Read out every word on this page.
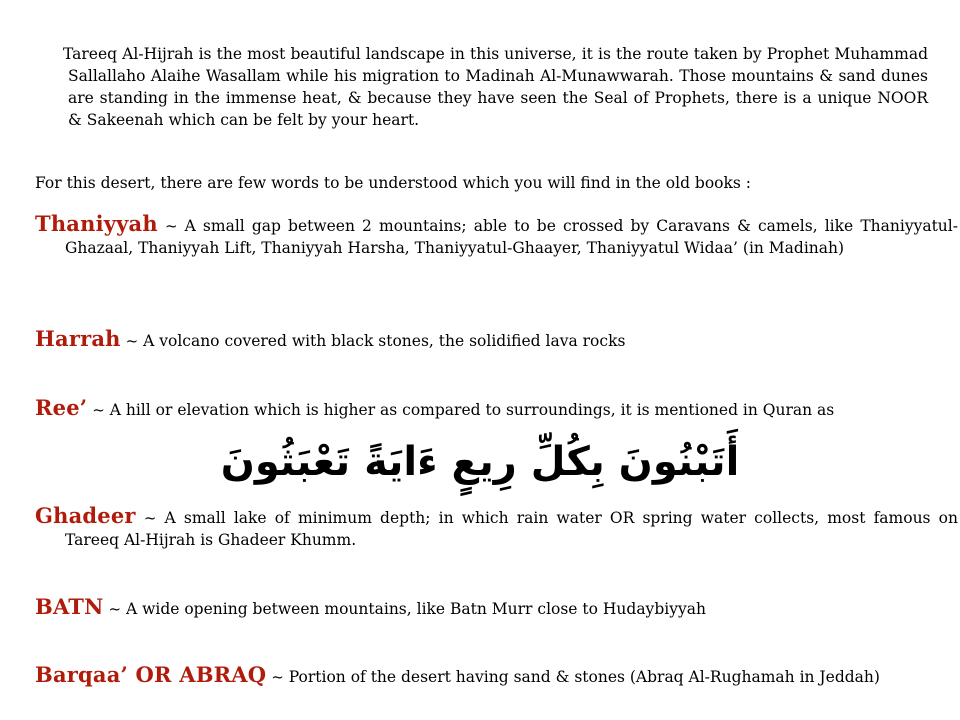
Tareeq Al-Hijrah is the most beautiful landscape in this universe, it is the route taken by Prophet Muhammad Sallallaho Alaihe Wasallam while his migration to Madinah Al-Munawwarah. Those mountains & sand dunes are standing in the immense heat, & because they have seen the Seal of Prophets, there is a unique NOOR & Sakeenah which can be felt by your heart.

For this desert, there are few words to be understood which you will find in the old books :

Thaniyyah ~ A small gap between 2 mountains; able to be crossed by Caravans & camels, like Thaniyyatul-Ghazaal, Thaniyyah Lift, Thaniyyah Harsha, Thaniyyatul-Ghaayer, Thaniyyatul Widaa’ (in Madinah)

Harrah ~ A volcano covered with black stones, the solidified lava rocks

Ree’ ~ A hill or elevation which is higher as compared to surroundings, it is mentioned in Quran as

أَتَبْنُونَ بِكُلِّ رِيعٍ ءَايَةً تَعْبَثُونَ

Ghadeer ~ A small lake of minimum depth; in which rain water OR spring water collects, most famous on Tareeq Al-Hijrah is Ghadeer Khumm.

BATN ~ A wide opening between mountains, like Batn Murr close to Hudaybiyyah

Barqaa’ OR ABRAQ ~ Portion of the desert having sand & stones (Abraq Al-Rughamah in Jeddah)
